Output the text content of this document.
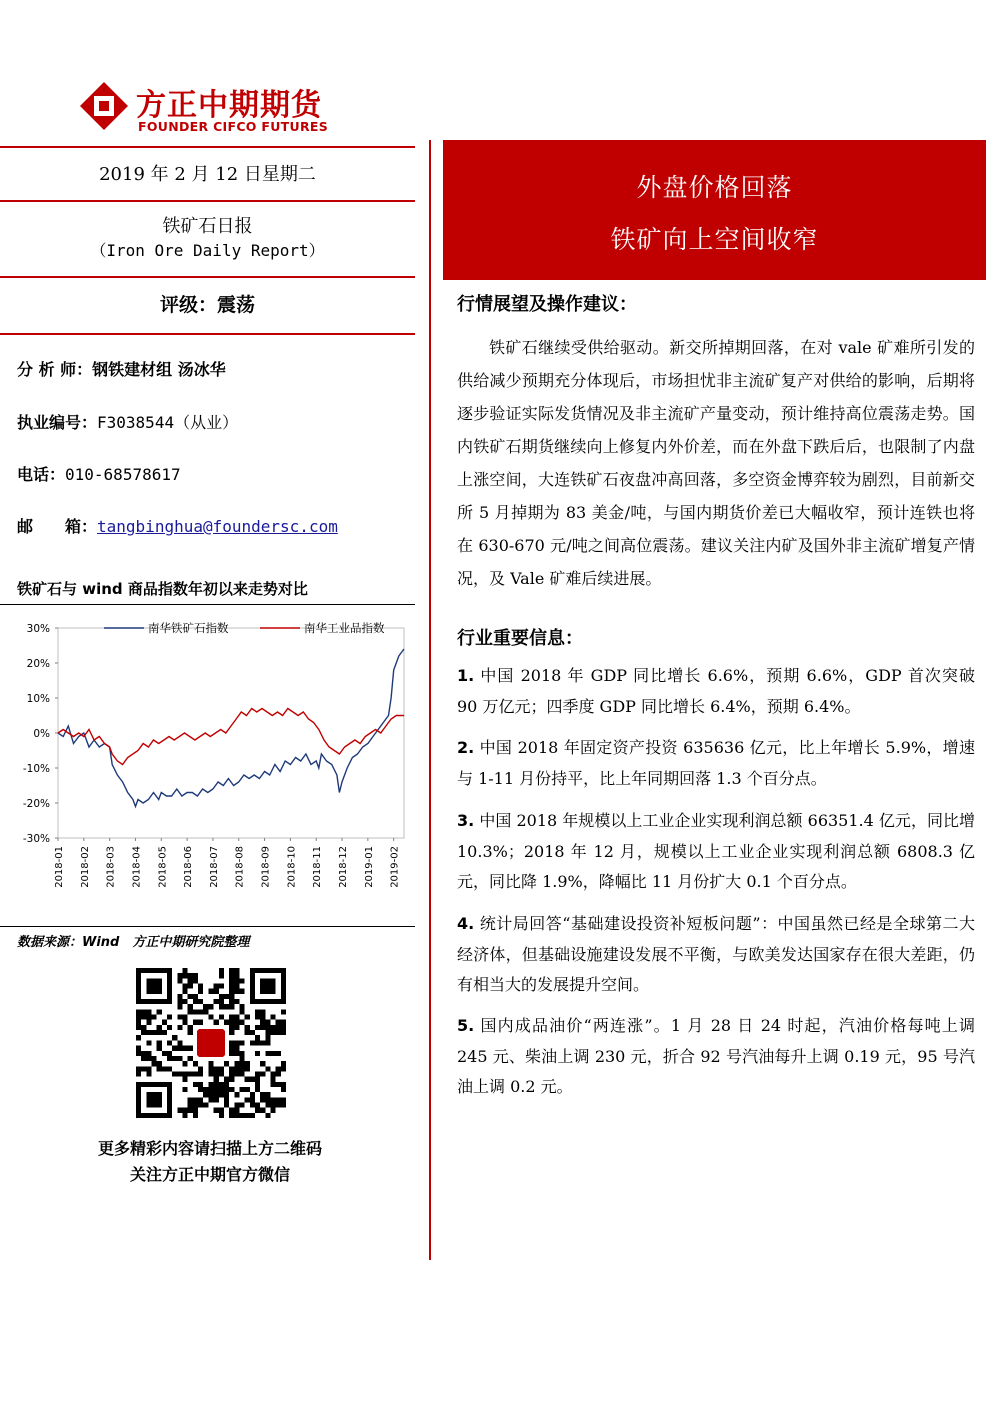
方正中期期货
FOUNDER CIFCO FUTURES
2019 年 2 月 12 日星期二
铁矿石日报
（Iron Ore Daily Report）
评级：震荡
分 析 师：钢铁建材组 汤冰华
执业编号：F3038544（从业）
电话：010-68578617
邮　　箱：tangbinghua@foundersc.com
铁矿石与 wind 商品指数年初以来走势对比
30%
20%
10%
0%
-10%
-20%
-30%
2018-01 2018-02 2018-03 2018-04 2018-05 2018-06 2018-07 2018-08 2018-09 2018-10 2018-11 2018-12 2019-01 2019-02
南华铁矿石指数	南华工业品指数
数据来源：Wind　方正中期研究院整理
更多精彩内容请扫描上方二维码
关注方正中期官方微信
外盘价格回落
铁矿向上空间收窄
行情展望及操作建议：
铁矿石继续受供给驱动。新交所掉期回落，在对 vale 矿难所引发的供给减少预期充分体现后，市场担忧非主流矿复产对供给的影响，后期将逐步验证实际发货情况及非主流矿产量变动，预计维持高位震荡走势。国内铁矿石期货继续向上修复内外价差，而在外盘下跌后后，也限制了内盘上涨空间，大连铁矿石夜盘冲高回落，多空资金博弈较为剧烈，目前新交所 5 月掉期为 83 美金/吨，与国内期货价差已大幅收窄，预计连铁也将在 630-670 元/吨之间高位震荡。建议关注内矿及国外非主流矿增复产情况，及 Vale 矿难后续进展。
行业重要信息：
1. 中国 2018 年 GDP 同比增长 6.6%，预期 6.6%，GDP 首次突破 90 万亿元；四季度 GDP 同比增长 6.4%，预期 6.4%。
2. 中国 2018 年固定资产投资 635636 亿元，比上年增长 5.9%，增速与 1-11 月份持平，比上年同期回落 1.3 个百分点。
3. 中国 2018 年规模以上工业企业实现利润总额 66351.4 亿元，同比增 10.3%；2018 年 12 月，规模以上工业企业实现利润总额 6808.3 亿元，同比降 1.9%，降幅比 11 月份扩大 0.1 个百分点。
4. 统计局回答“基础建设投资补短板问题”：中国虽然已经是全球第二大经济体，但基础设施建设发展不平衡，与欧美发达国家存在很大差距，仍有相当大的发展提升空间。
5. 国内成品油价“两连涨”。1 月 28 日 24 时起，汽油价格每吨上调 245 元、柴油上调 230 元，折合 92 号汽油每升上调 0.19 元，95 号汽油上调 0.2 元。
